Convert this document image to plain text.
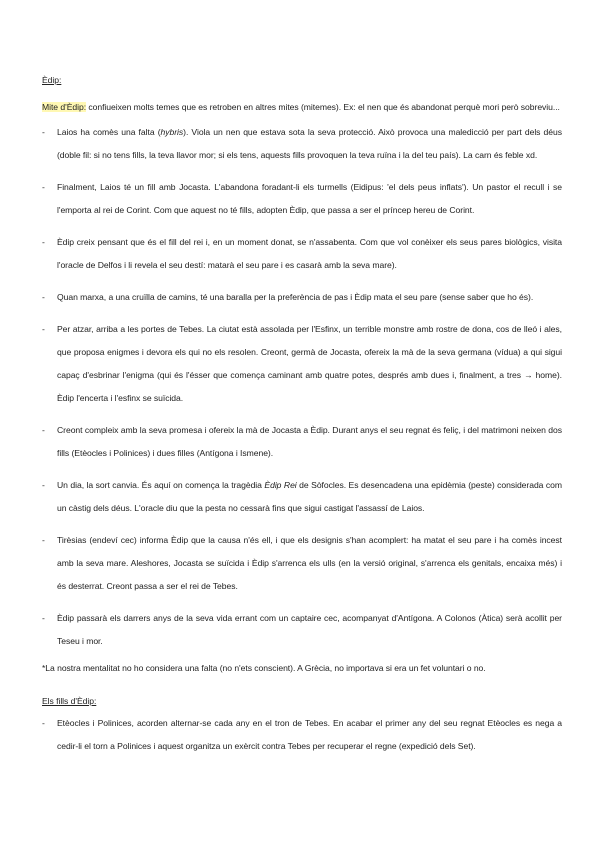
Èdip:

Mite d'Èdip: confiueixen molts temes que es retroben en altres mites (mitemes). Ex: el nen que és abandonat perquè mori però sobreviu...

- Laios ha comès una falta (hybris). Viola un nen que estava sota la seva protecció. Això provoca una maledicció per part dels déus (doble fil: si no tens fills, la teva llavor mor; si els tens, aquests fills provoquen la teva ruïna i la del teu país). La carn és feble xd.
- Finalment, Laios té un fill amb Jocasta. L'abandona foradant-li els turmells (Eidipus: 'el dels peus inflats'). Un pastor el recull i se l'emporta al rei de Corint. Com que aquest no té fills, adopten Èdip, que passa a ser el príncep hereu de Corint.
- Èdip creix pensant que és el fill del rei i, en un moment donat, se n'assabenta. Com que vol conèixer els seus pares biològics, visita l'oracle de Delfos i li revela el seu destí: matarà el seu pare i es casarà amb la seva mare).
- Quan marxa, a una cruïlla de camins, té una baralla per la preferència de pas i Èdip mata el seu pare (sense saber que ho és).
- Per atzar, arriba a les portes de Tebes. La ciutat està assolada per l'Esfinx, un terrible monstre amb rostre de dona, cos de lleó i ales, que proposa enigmes i devora els qui no els resolen. Creont, germà de Jocasta, ofereix la mà de la seva germana (vídua) a qui sigui capaç d'esbrinar l'enigma (qui és l'ésser que comença caminant amb quatre potes, després amb dues i, finalment, a tres → home). Èdip l'encerta i l'esfinx se suïcida.
- Creont compleix amb la seva promesa i ofereix la mà de Jocasta a Èdip. Durant anys el seu regnat és feliç, i del matrimoni neixen dos fills (Etèocles i Polinices) i dues filles (Antígona i Ismene).
- Un dia, la sort canvia. És aquí on comença la tragèdia Èdip Rei de Sòfocles. Es desencadena una epidèmia (peste) considerada com un càstig dels déus. L'oracle diu que la pesta no cessarà fins que sigui castigat l'assassí de Laios.
- Tirèsias (endeví cec) informa Èdip que la causa n'és ell, i que els designis s'han acomplert: ha matat el seu pare i ha comès incest amb la seva mare. Aleshores, Jocasta se suïcida i Èdip s'arrenca els ulls (en la versió original, s'arrenca els genitals, encaixa més) i és desterrat. Creont passa a ser el rei de Tebes.
- Èdip passarà els darrers anys de la seva vida errant com un captaire cec, acompanyat d'Antígona. A Colonos (Àtica) serà acollit per Teseu i mor.

*La nostra mentalitat no ho considera una falta (no n'ets conscient). A Grècia, no importava si era un fet voluntari o no.

Els fills d'Èdip:
- Etèocles i Polinices, acorden alternar-se cada any en el tron de Tebes. En acabar el primer any del seu regnat Etèocles es nega a cedir-li el torn a Polinices i aquest organitza un exèrcit contra Tebes per recuperar el regne (expedició dels Set).
